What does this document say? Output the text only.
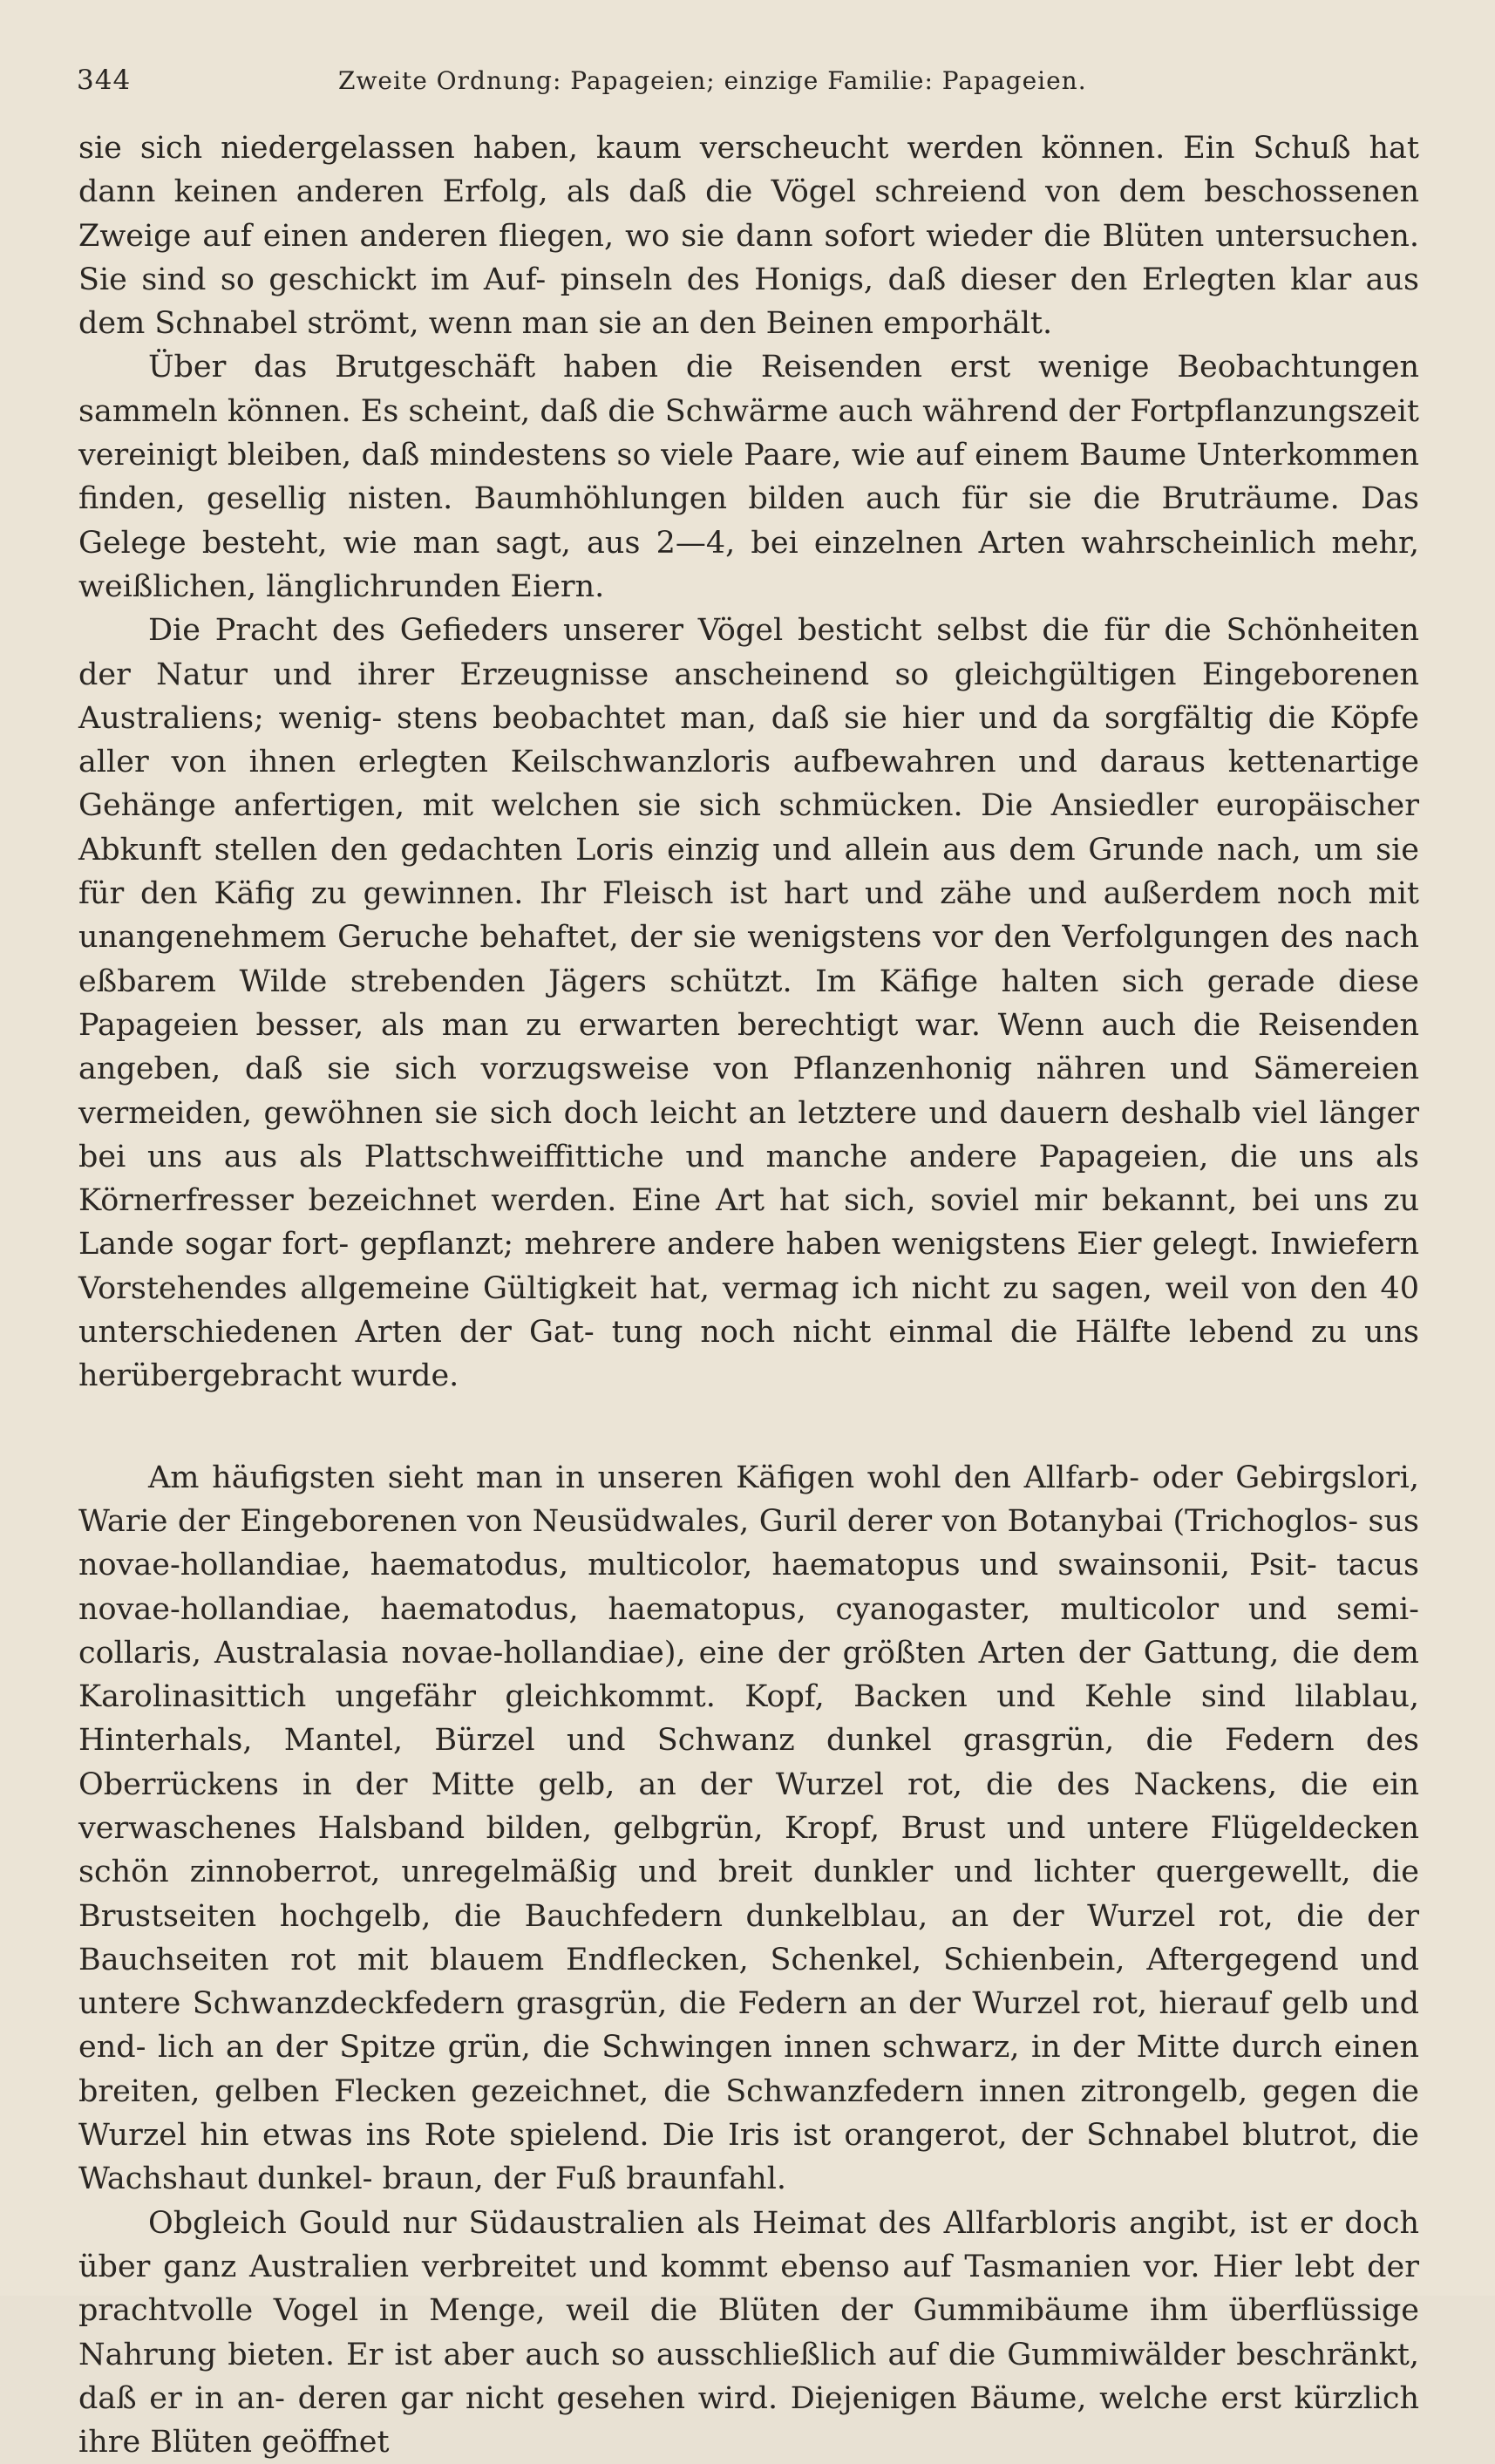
344	Zweite Ordnung: Papageien; einzige Familie: Papageien.

sie sich niedergelassen haben, kaum verscheucht werden können. Ein Schuß hat dann keinen anderen Erfolg, als daß die Vögel schreiend von dem beschossenen Zweige auf einen anderen fliegen, wo sie dann sofort wieder die Blüten untersuchen. Sie sind so geschickt im Auf- pinseln des Honigs, daß dieser den Erlegten klar aus dem Schnabel strömt, wenn man sie an den Beinen emporhält.

Über das Brutgeschäft haben die Reisenden erst wenige Beobachtungen sammeln können. Es scheint, daß die Schwärme auch während der Fortpflanzungszeit vereinigt bleiben, daß mindestens so viele Paare, wie auf einem Baume Unterkommen finden, gesellig nisten. Baumhöhlungen bilden auch für sie die Bruträume. Das Gelege besteht, wie man sagt, aus 2—4, bei einzelnen Arten wahrscheinlich mehr, weißlichen, länglichrunden Eiern.

Die Pracht des Gefieders unserer Vögel besticht selbst die für die Schönheiten der Natur und ihrer Erzeugnisse anscheinend so gleichgültigen Eingeborenen Australiens; wenig- stens beobachtet man, daß sie hier und da sorgfältig die Köpfe aller von ihnen erlegten Keilschwanzloris aufbewahren und daraus kettenartige Gehänge anfertigen, mit welchen sie sich schmücken. Die Ansiedler europäischer Abkunft stellen den gedachten Loris einzig und allein aus dem Grunde nach, um sie für den Käfig zu gewinnen. Ihr Fleisch ist hart und zähe und außerdem noch mit unangenehmem Geruche behaftet, der sie wenigstens vor den Verfolgungen des nach eßbarem Wilde strebenden Jägers schützt. Im Käfige halten sich gerade diese Papageien besser, als man zu erwarten berechtigt war. Wenn auch die Reisenden angeben, daß sie sich vorzugsweise von Pflanzenhonig nähren und Sämereien vermeiden, gewöhnen sie sich doch leicht an letztere und dauern deshalb viel länger bei uns aus als Plattschweiffittiche und manche andere Papageien, die uns als Körnerfresser bezeichnet werden. Eine Art hat sich, soviel mir bekannt, bei uns zu Lande sogar fort- gepflanzt; mehrere andere haben wenigstens Eier gelegt. Inwiefern Vorstehendes allgemeine Gültigkeit hat, vermag ich nicht zu sagen, weil von den 40 unterschiedenen Arten der Gat- tung noch nicht einmal die Hälfte lebend zu uns herübergebracht wurde.

Am häufigsten sieht man in unseren Käfigen wohl den Allfarb- oder Gebirgslori, Warie der Eingeborenen von Neusüdwales, Guril derer von Botanybai (Trichoglos- sus novae-hollandiae, haematodus, multicolor, haematopus und swainsonii, Psit- tacus novae-hollandiae, haematodus, haematopus, cyanogaster, multicolor und semi- collaris, Australasia novae-hollandiae), eine der größten Arten der Gattung, die dem Karolinasittich ungefähr gleichkommt. Kopf, Backen und Kehle sind lilablau, Hinterhals, Mantel, Bürzel und Schwanz dunkel grasgrün, die Federn des Oberrückens in der Mitte gelb, an der Wurzel rot, die des Nackens, die ein verwaschenes Halsband bilden, gelbgrün, Kropf, Brust und untere Flügeldecken schön zinnoberrot, unregelmäßig und breit dunkler und lichter quergewellt, die Brustseiten hochgelb, die Bauchfedern dunkelblau, an der Wurzel rot, die der Bauchseiten rot mit blauem Endflecken, Schenkel, Schienbein, Aftergegend und untere Schwanzdeckfedern grasgrün, die Federn an der Wurzel rot, hierauf gelb und end- lich an der Spitze grün, die Schwingen innen schwarz, in der Mitte durch einen breiten, gelben Flecken gezeichnet, die Schwanzfedern innen zitrongelb, gegen die Wurzel hin etwas ins Rote spielend. Die Iris ist orangerot, der Schnabel blutrot, die Wachshaut dunkel- braun, der Fuß braunfahl.

Obgleich Gould nur Südaustralien als Heimat des Allfarbloris angibt, ist er doch über ganz Australien verbreitet und kommt ebenso auf Tasmanien vor. Hier lebt der prachtvolle Vogel in Menge, weil die Blüten der Gummibäume ihm überflüssige Nahrung bieten. Er ist aber auch so ausschließlich auf die Gummiwälder beschränkt, daß er in an- deren gar nicht gesehen wird. Diejenigen Bäume, welche erst kürzlich ihre Blüten geöffnet
